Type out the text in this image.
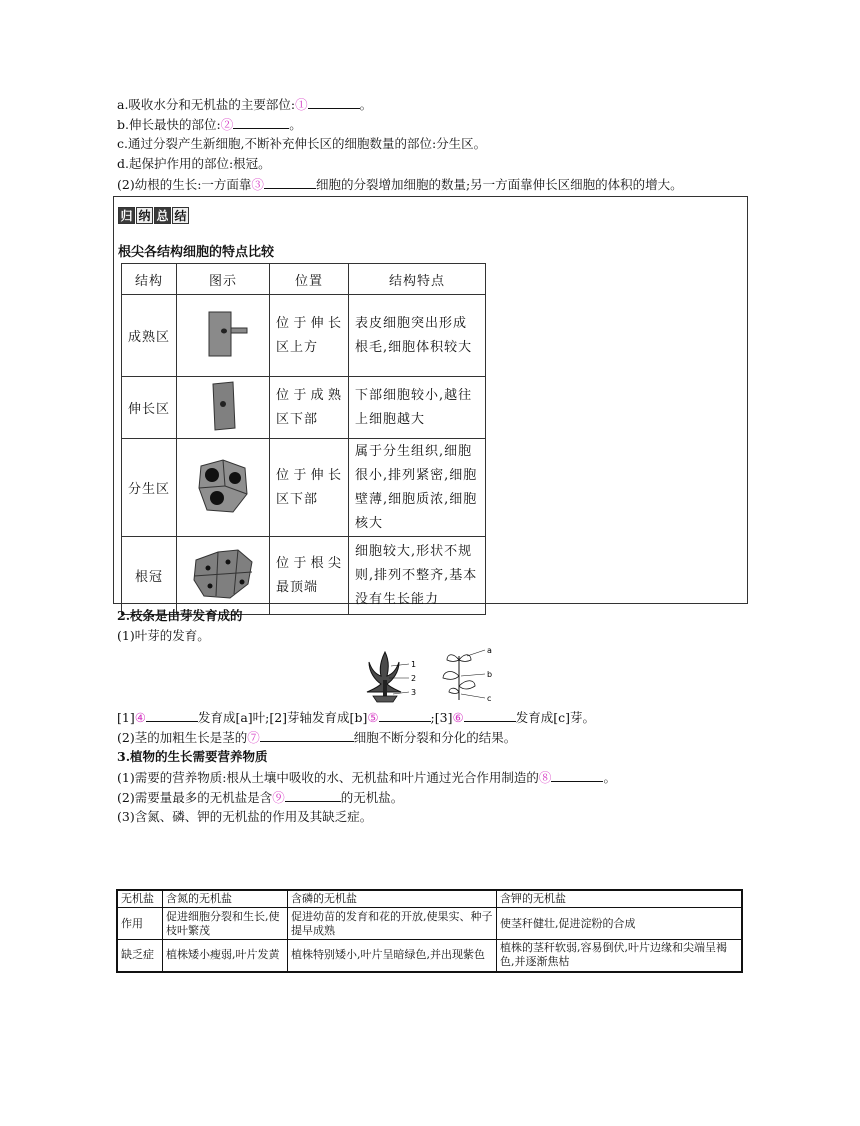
a.吸收水分和无机盐的主要部位:①	。
b.伸长最快的部位:②	。
c.通过分裂产生新细胞,不断补充伸长区的细胞数量的部位:分生区。
d.起保护作用的部位:根冠。
(2)幼根的生长:一方面靠③	细胞的分裂增加细胞的数量;另一方面靠伸长区细胞的体积的增大。
归 纳 总 结
根尖各结构细胞的特点比较
结构	图示	位置	结构特点
成熟区		位于伸长区上方	表皮细胞突出形成根毛,细胞体积较大
伸长区		位于成熟区下部	下部细胞较小,越往上细胞越大
分生区		位于伸长区下部	属于分生组织,细胞很小,排列紧密,细胞壁薄,细胞质浓,细胞核大
根冠		位于根尖最顶端	细胞较大,形状不规则,排列不整齐,基本没有生长能力
2.枝条是由芽发育成的
(1)叶芽的发育。
1
2
3
a
b
c
[1]④	发育成[a]叶;[2]芽轴发育成[b]⑤	;[3]⑥	发育成[c]芽。
(2)茎的加粗生长是茎的⑦	细胞不断分裂和分化的结果。
3.植物的生长需要营养物质
(1)需要的营养物质:根从土壤中吸收的水、无机盐和叶片通过光合作用制造的⑧	。
(2)需要量最多的无机盐是含⑨	的无机盐。
(3)含氮、磷、钾的无机盐的作用及其缺乏症。
无机盐	含氮的无机盐	含磷的无机盐	含钾的无机盐
作用	促进细胞分裂和生长,使枝叶繁茂	促进幼苗的发育和花的开放,使果实、种子提早成熟	使茎秆健壮,促进淀粉的合成
缺乏症	植株矮小瘦弱,叶片发黄	植株特别矮小,叶片呈暗绿色,并出现紫色	植株的茎秆软弱,容易倒伏,叶片边缘和尖端呈褐色,并逐渐焦枯
